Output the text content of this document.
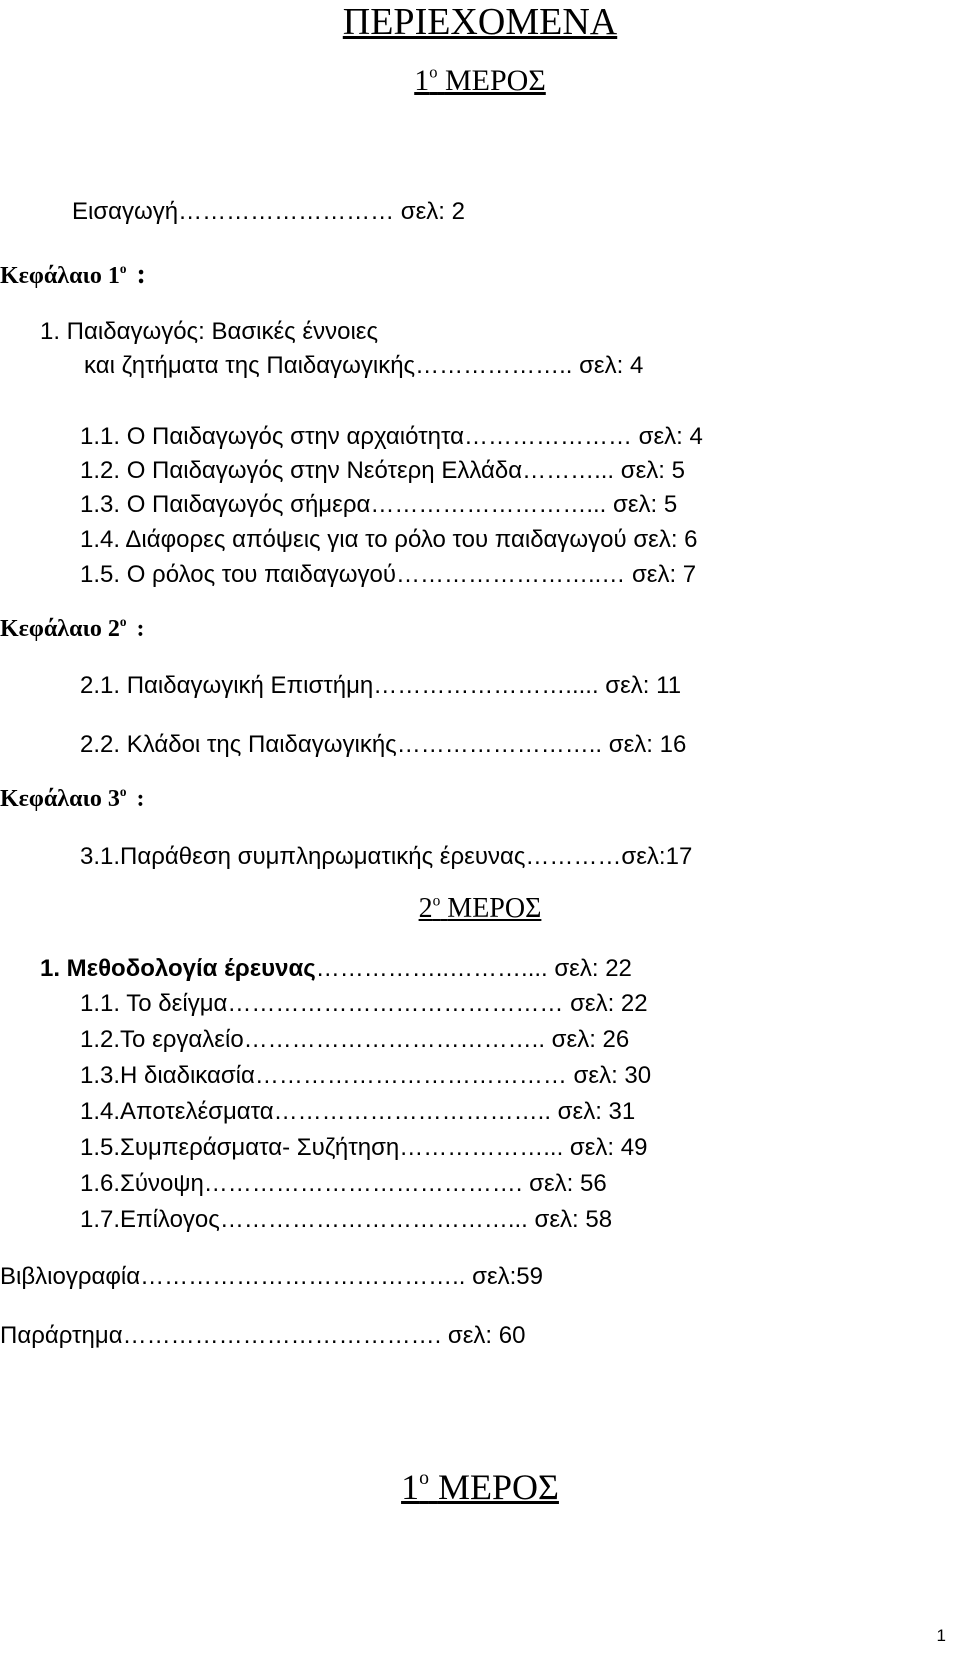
ΠΕΡΙΕΧΟΜΕΝΑ
$1^o$ ΜΕΡΟΣ
Εισαγωγή……………………… σελ: 2
Κεφάλαιο $1^o$ :
1. Παιδαγωγός: Βασικές έννοιες
και ζητήματα της Παιδαγωγικής……………….. σελ: 4
1.1. Ο Παιδαγωγός στην αρχαιότητα………………… σελ: 4
1.2. Ο Παιδαγωγός στην Νεότερη Ελλάδα………... σελ: 5
1.3. Ο Παιδαγωγός σήμερα………………………... σελ: 5
1.4. Διάφορες απόψεις για το ρόλο του παιδαγωγού σελ: 6
1.5. Ο ρόλος του παιδαγωγού……………………..… σελ: 7
Κεφάλαιο $2^o$ :
2.1. Παιδαγωγική Επιστήμη……………………..... σελ: 11
2.2. Κλάδοι της Παιδαγωγικής…………………….. σελ: 16
Κεφάλαιο $3^o$ :
3.1.Παράθεση συμπληρωματικής έρευνας…………σελ:17
$2^o$ ΜΕΡΟΣ
1. Μεθοδολογία έρευνας……………..……….... σελ: 22
1.1. Το δείγμα…………………………………… σελ: 22
1.2.Το εργαλείο……………………………….. σελ: 26
1.3.Η διαδικασία………………………………… σελ: 30
1.4.Αποτελέσματα…………………………….. σελ: 31
1.5.Συμπεράσματα- Συζήτηση………………... σελ: 49
1.6.Σύνοψη…………………………………. σελ: 56
1.7.Επίλογος………………………………... σελ: 58
Βιβλιογραφία………………………………….. σελ:59
Παράρτημα…………………………………. σελ: 60
$1^o$ ΜΕΡΟΣ
1
